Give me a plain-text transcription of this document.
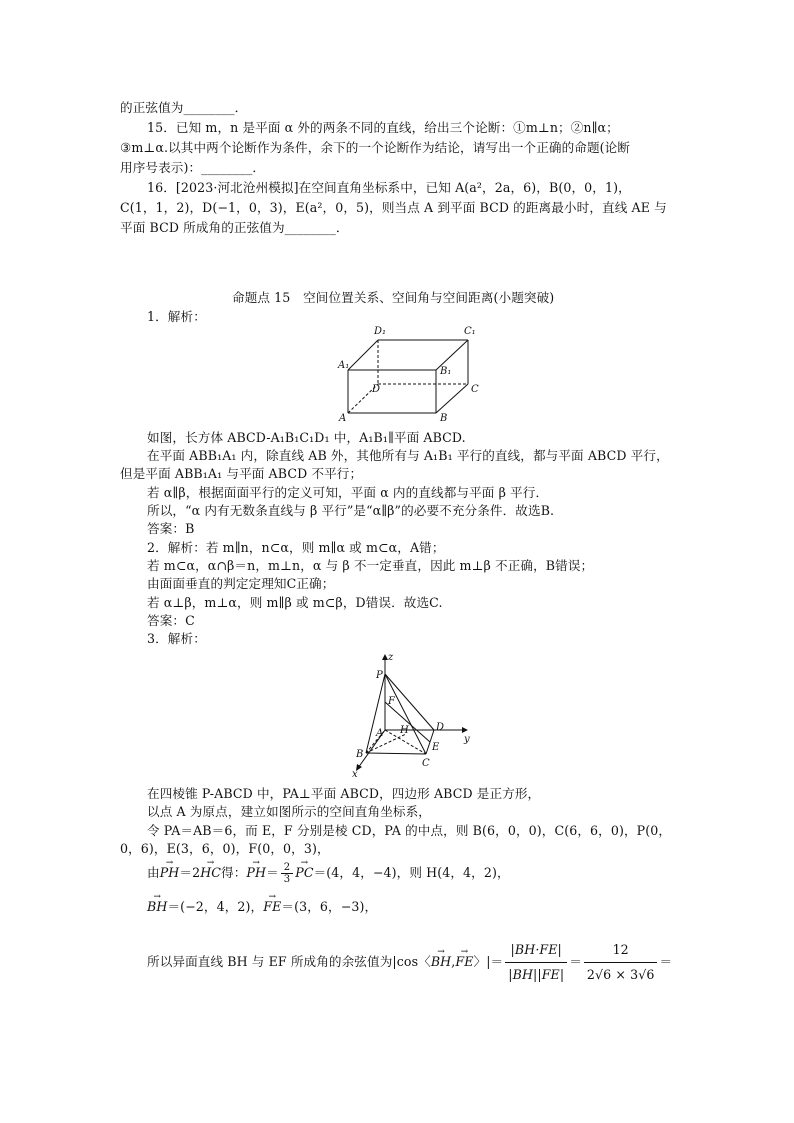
的正弦值为________．
15．已知 m，n 是平面 α 外的两条不同的直线，给出三个论断：①m⊥n；②n∥α；
③m⊥α.以其中两个论断作为条件，余下的一个论断作为结论，请写出一个正确的命题(论断
用序号表示)：________．
16．[2023·河北沧州模拟]在空间直角坐标系中，已知 A(a²，2a，6)，B(0，0，1)，
C(1，1，2)，D(−1，0，3)，E(a²，0，5)，则当点 A 到平面 BCD 的距离最小时，直线 AE 与
平面 BCD 所成角的正弦值为________．
命题点 15　空间位置关系、空间角与空间距离(小题突破)
1．解析：
D₁	C₁
A₁
B₁
D	C
A	B
如图，长方体 ABCD-A₁B₁C₁D₁ 中，A₁B₁∥平面 ABCD.
在平面 ABB₁A₁ 内，除直线 AB 外，其他所有与 A₁B₁ 平行的直线，都与平面 ABCD 平行，
但是平面 ABB₁A₁ 与平面 ABCD 不平行；
若 α∥β，根据面面平行的定义可知，平面 α 内的直线都与平面 β 平行．
所以，“α 内有无数条直线与 β 平行”是“α∥β”的必要不充分条件．故选B.
答案：B
2．解析：若 m∥n，n⊂α，则 m∥α 或 m⊂α，A错；
若 m⊂α，α∩β＝n，m⊥n，α 与 β 不一定垂直，因此 m⊥β 不正确，B错误；
由面面垂直的判定定理知C正确；
若 α⊥β，m⊥α，则 m∥β 或 m⊂β，D错误．故选C.
答案：C
3．解析：
z
P
F
A H	D
y
B
E
C
x
在四棱锥 P-ABCD 中，PA⊥平面 ABCD，四边形 ABCD 是正方形，
以点 A 为原点，建立如图所示的空间直角坐标系，
令 PA＝AB＝6，而 E，F 分别是棱 CD，PA 的中点，则 B(6，0，0)，C(6，6，0)，P(0，
0，6)，E(3，6，0)，F(0，0，3)，
由→ PH＝2→ HC得：→ $PH= \frac{2}{3}$
→ PC＝(4，4，−4)，则 H(4，4，2)，
→ BH＝(−2，4，2)，→ FE＝(3，6，−3)，
所以异面直线 BH 与 EF 所成角的余弦值为|cos〈→ BH,→ FE〉|＝ $\frac{|BH\cdot FE|}{|BH||FE|} = \frac{12}{2√6 \times 3√6}$ ＝
